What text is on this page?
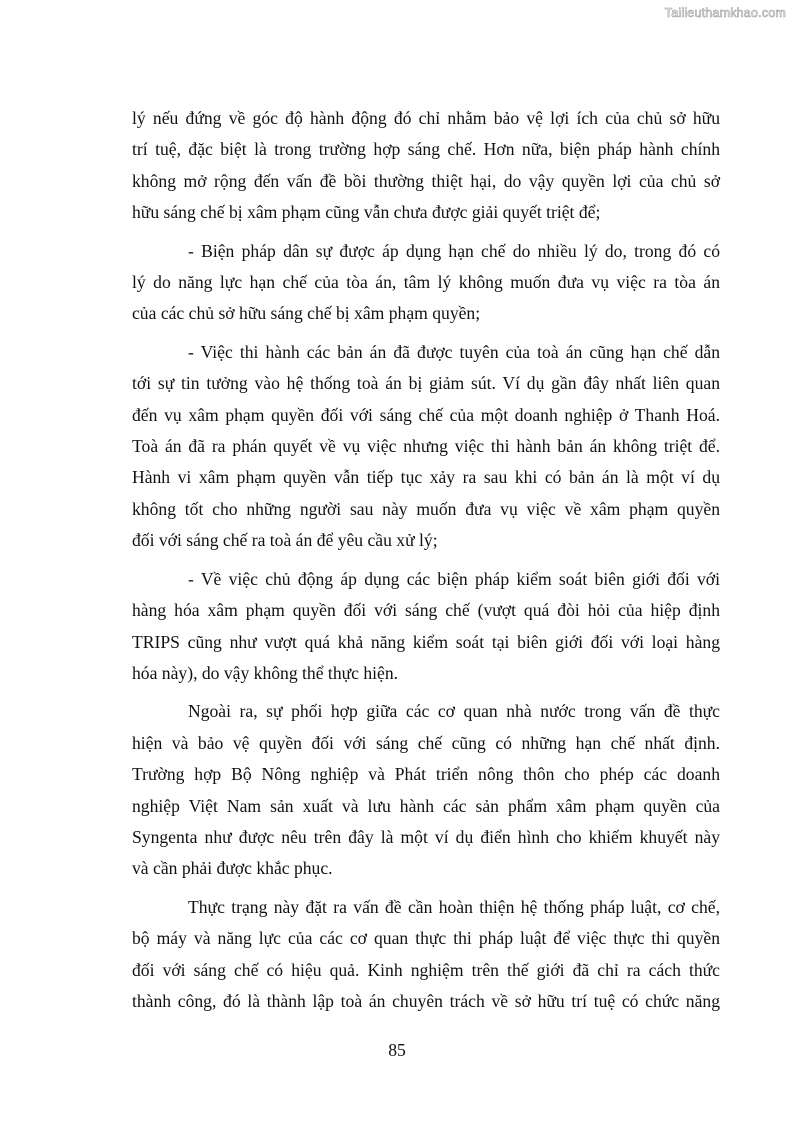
Tailieuthamkhao.com

lý nếu đứng về góc độ hành động đó chỉ nhằm bảo vệ lợi ích của chủ sở hữu
trí tuệ, đặc biệt là trong trường hợp sáng chế. Hơn nữa, biện pháp hành chính
không mở rộng đến vấn đề bồi thường thiệt hại, do vậy quyền lợi của chủ sở
hữu sáng chế bị xâm phạm cũng vẫn chưa được giải quyết triệt để;

- Biện pháp dân sự được áp dụng hạn chế do nhiều lý do, trong đó có
lý do năng lực hạn chế của tòa án, tâm lý không muốn đưa vụ việc ra tòa án
của các chủ sở hữu sáng chế bị xâm phạm quyền;

- Việc thi hành các bản án đã được tuyên của toà án cũng hạn chế dẫn
tới sự tin tưởng vào hệ thống toà án bị giảm sút. Ví dụ gần đây nhất liên quan
đến vụ xâm phạm quyền đối với sáng chế của một doanh nghiệp ở Thanh Hoá.
Toà án đã ra phán quyết về vụ việc nhưng việc thi hành bản án không triệt để.
Hành vi xâm phạm quyền vẫn tiếp tục xảy ra sau khi có bản án là một ví dụ
không tốt cho những người sau này muốn đưa vụ việc về xâm phạm quyền
đối với sáng chế ra toà án để yêu cầu xử lý;

- Về việc chủ động áp dụng các biện pháp kiểm soát biên giới đối với
hàng hóa xâm phạm quyền đối với sáng chế (vượt quá đòi hỏi của hiệp định
TRIPS cũng như vượt quá khả năng kiểm soát tại biên giới đối với loại hàng
hóa này), do vậy không thể thực hiện.

Ngoài ra, sự phối hợp giữa các cơ quan nhà nước trong vấn đề thực
hiện và bảo vệ quyền đối với sáng chế cũng có những hạn chế nhất định.
Trường hợp Bộ Nông nghiệp và Phát triển nông thôn cho phép các doanh
nghiệp Việt Nam sản xuất và lưu hành các sản phẩm xâm phạm quyền của
Syngenta như được nêu trên đây là một ví dụ điển hình cho khiếm khuyết này
và cần phải được khắc phục.

Thực trạng này đặt ra vấn đề cần hoàn thiện hệ thống pháp luật, cơ chế,
bộ máy và năng lực của các cơ quan thực thi pháp luật để việc thực thi quyền
đối với sáng chế có hiệu quả. Kinh nghiệm trên thế giới đã chỉ ra cách thức
thành công, đó là thành lập toà án chuyên trách về sở hữu trí tuệ có chức năng

85
